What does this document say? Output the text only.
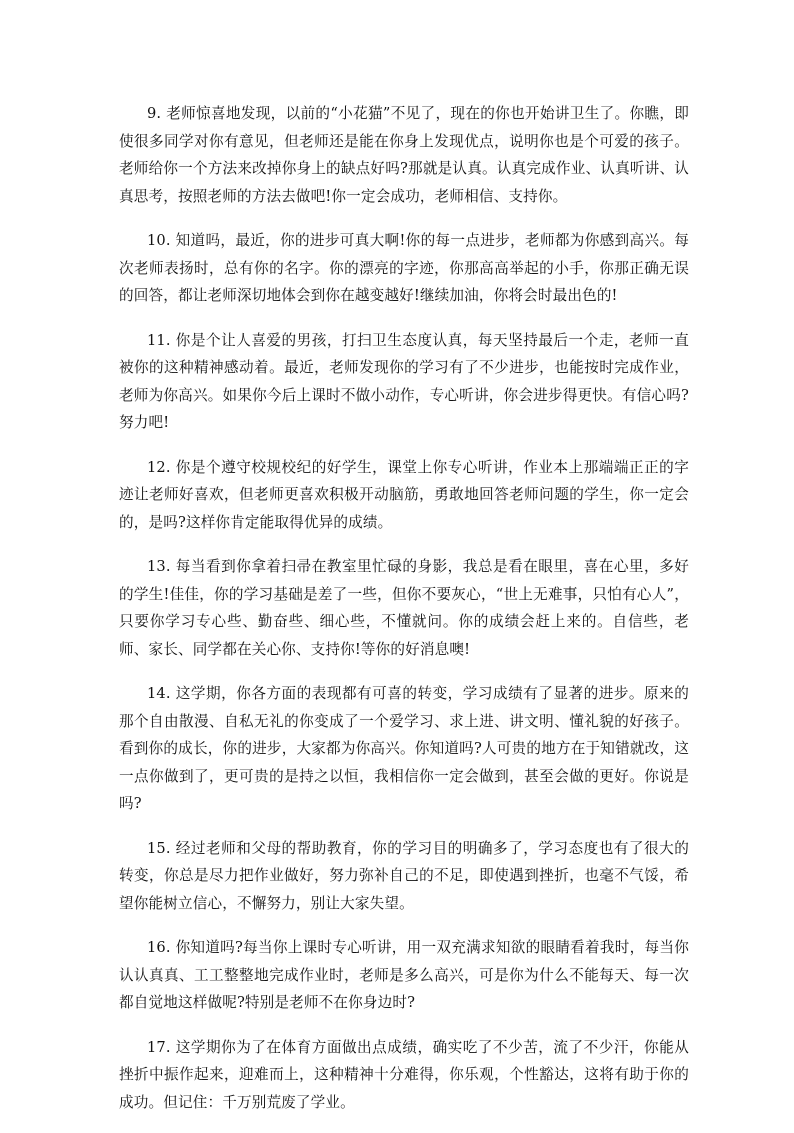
9. 老师惊喜地发现，以前的“小花猫”不见了，现在的你也开始讲卫生了。你瞧，即使很多同学对你有意见，但老师还是能在你身上发现优点，说明你也是个可爱的孩子。老师给你一个方法来改掉你身上的缺点好吗?那就是认真。认真完成作业、认真听讲、认真思考，按照老师的方法去做吧!你一定会成功，老师相信、支持你。

10. 知道吗，最近，你的进步可真大啊!你的每一点进步，老师都为你感到高兴。每次老师表扬时，总有你的名字。你的漂亮的字迹，你那高高举起的小手，你那正确无误的回答，都让老师深切地体会到你在越变越好!继续加油，你将会时最出色的!

11. 你是个让人喜爱的男孩，打扫卫生态度认真，每天坚持最后一个走，老师一直被你的这种精神感动着。最近，老师发现你的学习有了不少进步，也能按时完成作业，老师为你高兴。如果你今后上课时不做小动作，专心听讲，你会进步得更快。有信心吗?努力吧!

12. 你是个遵守校规校纪的好学生，课堂上你专心听讲，作业本上那端端正正的字迹让老师好喜欢，但老师更喜欢积极开动脑筋，勇敢地回答老师问题的学生，你一定会的，是吗?这样你肯定能取得优异的成绩。

13. 每当看到你拿着扫帚在教室里忙碌的身影，我总是看在眼里，喜在心里，多好的学生!佳佳，你的学习基础是差了一些，但你不要灰心，“世上无难事，只怕有心人”，只要你学习专心些、勤奋些、细心些，不懂就问。你的成绩会赶上来的。自信些，老师、家长、同学都在关心你、支持你!等你的好消息噢!

14. 这学期，你各方面的表现都有可喜的转变，学习成绩有了显著的进步。原来的那个自由散漫、自私无礼的你变成了一个爱学习、求上进、讲文明、懂礼貌的好孩子。看到你的成长，你的进步，大家都为你高兴。你知道吗?人可贵的地方在于知错就改，这一点你做到了，更可贵的是持之以恒，我相信你一定会做到，甚至会做的更好。你说是吗?

15. 经过老师和父母的帮助教育，你的学习目的明确多了，学习态度也有了很大的转变，你总是尽力把作业做好，努力弥补自己的不足，即使遇到挫折，也毫不气馁，希望你能树立信心，不懈努力，别让大家失望。

16. 你知道吗?每当你上课时专心听讲，用一双充满求知欲的眼睛看着我时，每当你认认真真、工工整整地完成作业时，老师是多么高兴，可是你为什么不能每天、每一次都自觉地这样做呢?特别是老师不在你身边时?

17. 这学期你为了在体育方面做出点成绩，确实吃了不少苦，流了不少汗，你能从挫折中振作起来，迎难而上，这种精神十分难得，你乐观，个性豁达，这将有助于你的成功。但记住：千万别荒废了学业。
